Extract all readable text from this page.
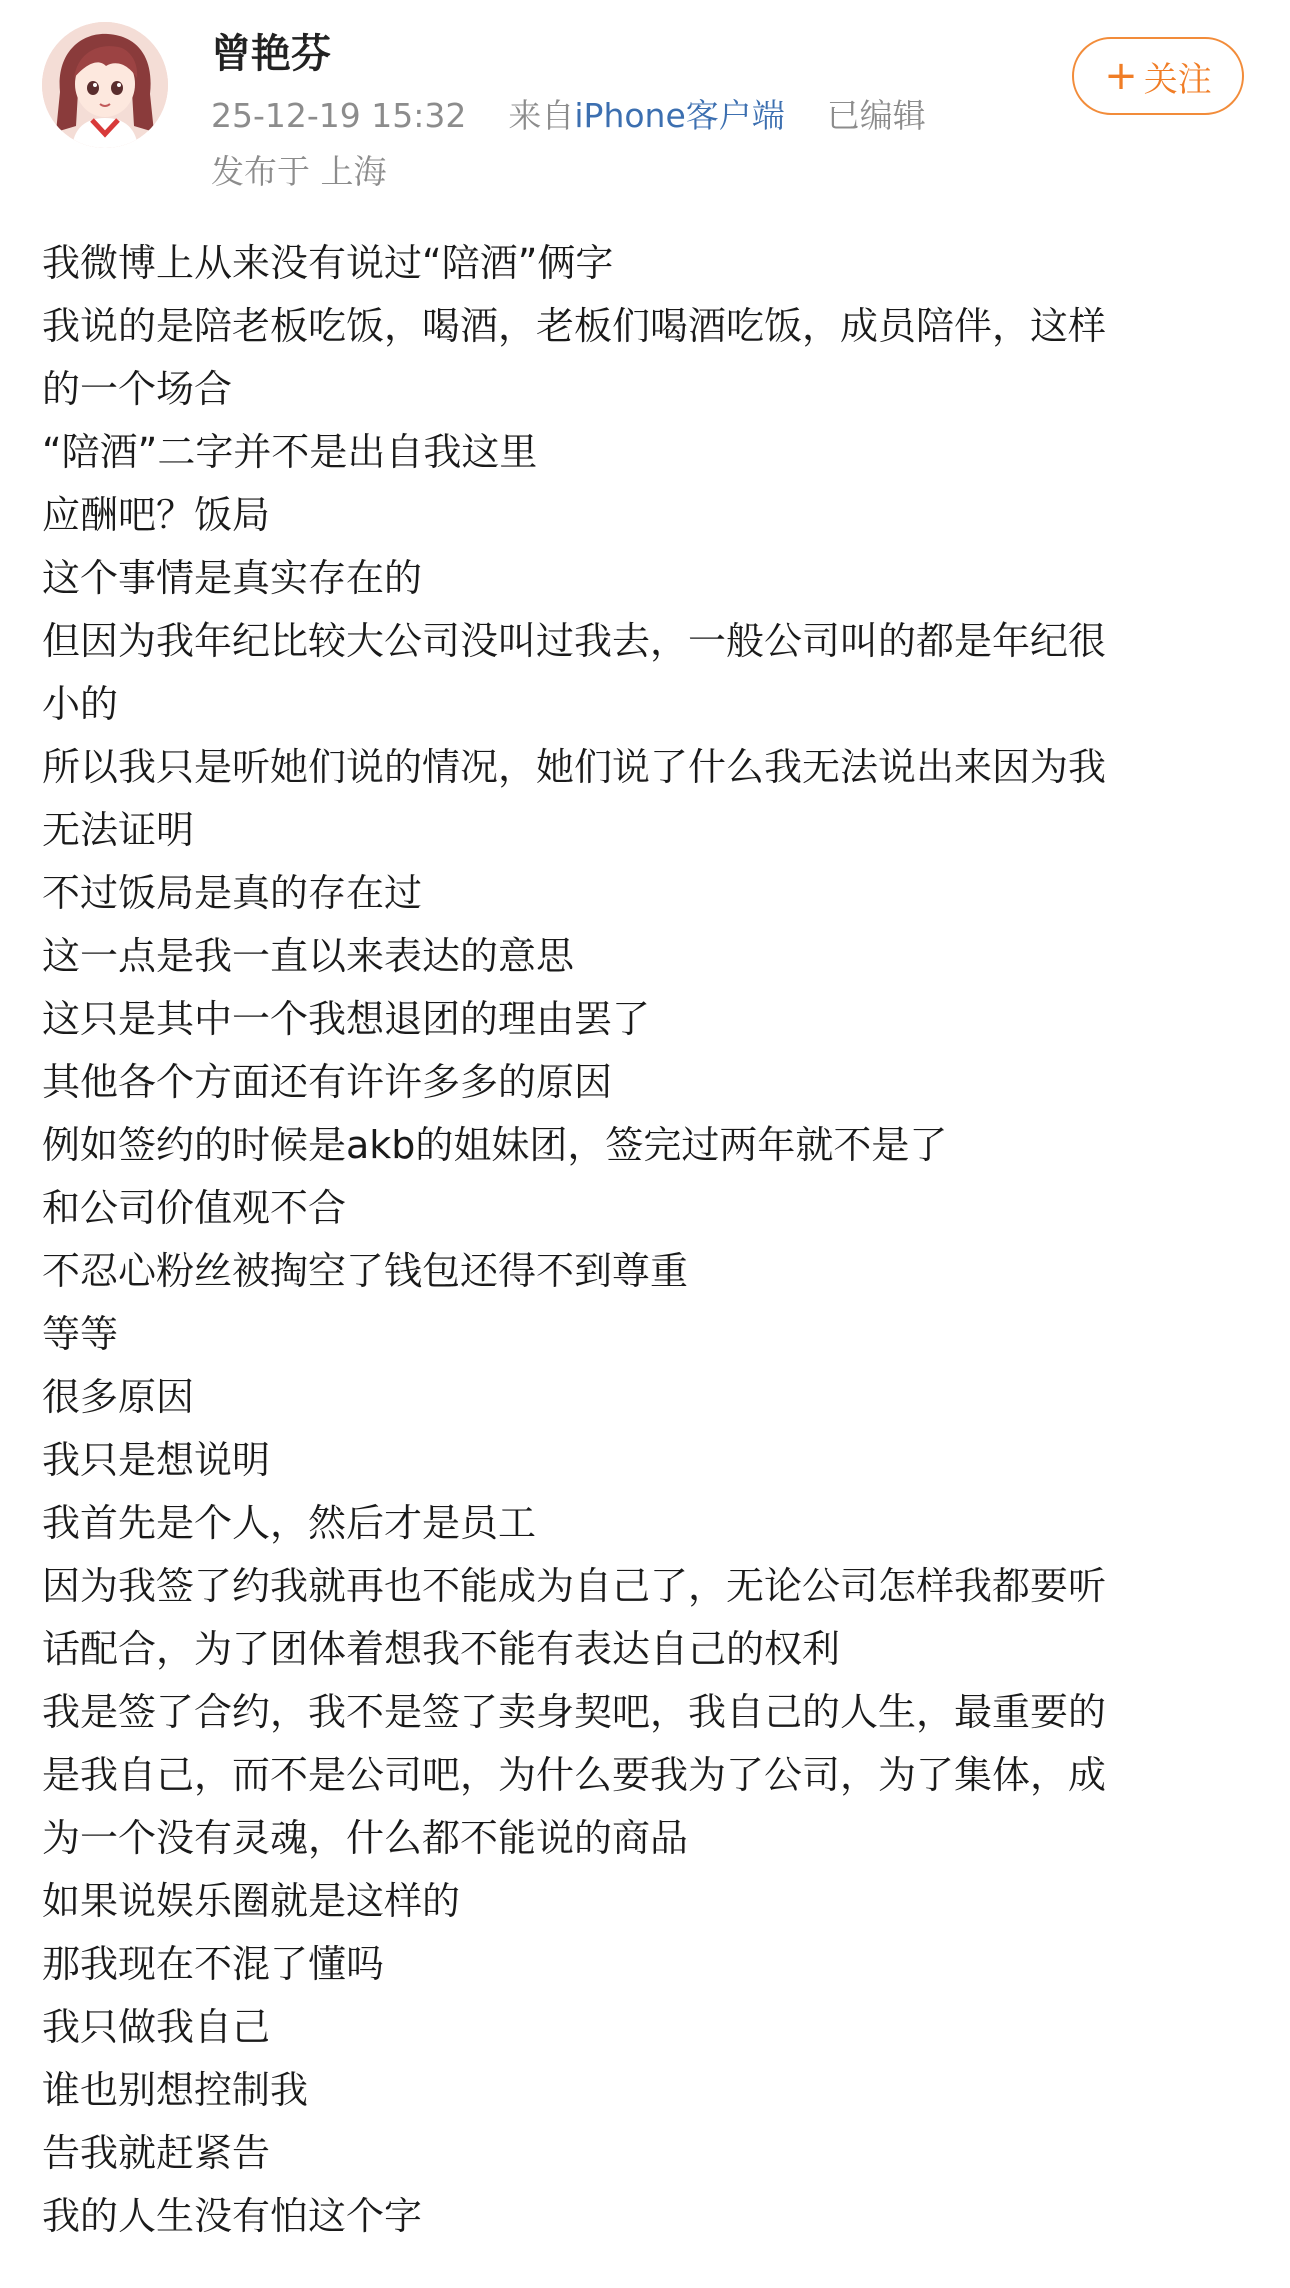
曾艳芬
25-12-19 15:32 来自iPhone客户端 已编辑
发布于 上海
+ 关注

我微博上从来没有说过“陪酒”俩字

我说的是陪老板吃饭，喝酒，老板们喝酒吃饭，成员陪伴，这样

的一个场合

“陪酒”二字并不是出自我这里

应酬吧？饭局

这个事情是真实存在的

但因为我年纪比较大公司没叫过我去，一般公司叫的都是年纪很

小的

所以我只是听她们说的情况，她们说了什么我无法说出来因为我

无法证明

不过饭局是真的存在过

这一点是我一直以来表达的意思

这只是其中一个我想退团的理由罢了

其他各个方面还有许许多多的原因

例如签约的时候是akb的姐妹团，签完过两年就不是了

和公司价值观不合

不忍心粉丝被掏空了钱包还得不到尊重

等等

很多原因

我只是想说明

我首先是个人，然后才是员工

因为我签了约我就再也不能成为自己了，无论公司怎样我都要听

话配合，为了团体着想我不能有表达自己的权利

我是签了合约，我不是签了卖身契吧，我自己的人生，最重要的

是我自己，而不是公司吧，为什么要我为了公司，为了集体，成

为一个没有灵魂，什么都不能说的商品

如果说娱乐圈就是这样的

那我现在不混了懂吗

我只做我自己

谁也别想控制我

告我就赶紧告

我的人生没有怕这个字
